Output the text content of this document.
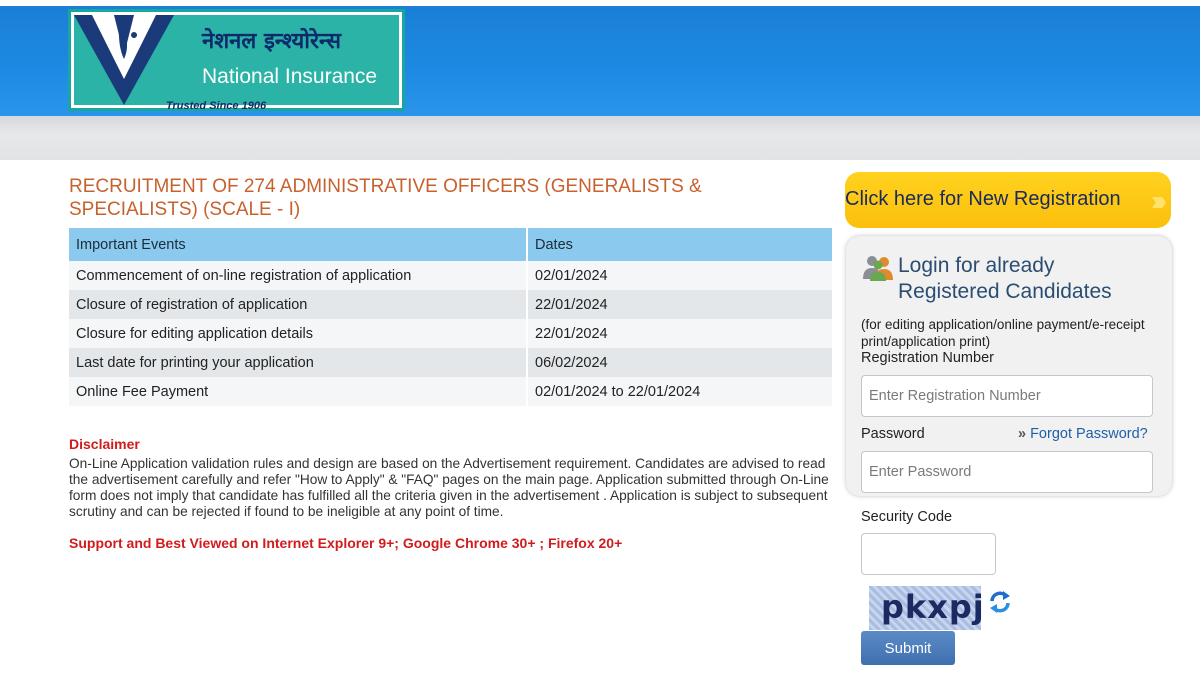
नेशनल इन्श्योरेन्स
National Insurance
Trusted Since 1906
RECRUITMENT OF 274 ADMINISTRATIVE OFFICERS (GENERALISTS & SPECIALISTS) (SCALE - I)
Important Events	Dates
Commencement of on-line registration of application	02/01/2024
Closure of registration of application	22/01/2024
Closure for editing application details	22/01/2024
Last date for printing your application	06/02/2024
Online Fee Payment	02/01/2024 to 22/01/2024
Disclaimer
On-Line Application validation rules and design are based on the Advertisement requirement. Candidates are advised to read the advertisement carefully and refer "How to Apply" & "FAQ" pages on the main page. Application submitted through On-Line form does not imply that candidate has fulfilled all the criteria given in the advertisement . Application is subject to subsequent scrutiny and can be rejected if found to be ineligible at any point of time.
Support and Best Viewed on Internet Explorer 9+; Google Chrome 30+ ; Firefox 20+
Click here for New Registration ›››
Login for already Registered Candidates
(for editing application/online payment/e-receipt print/application print)
Registration Number
Enter Registration Number
Password	» Forgot Password?
Security Code
pkxpj
Submit
